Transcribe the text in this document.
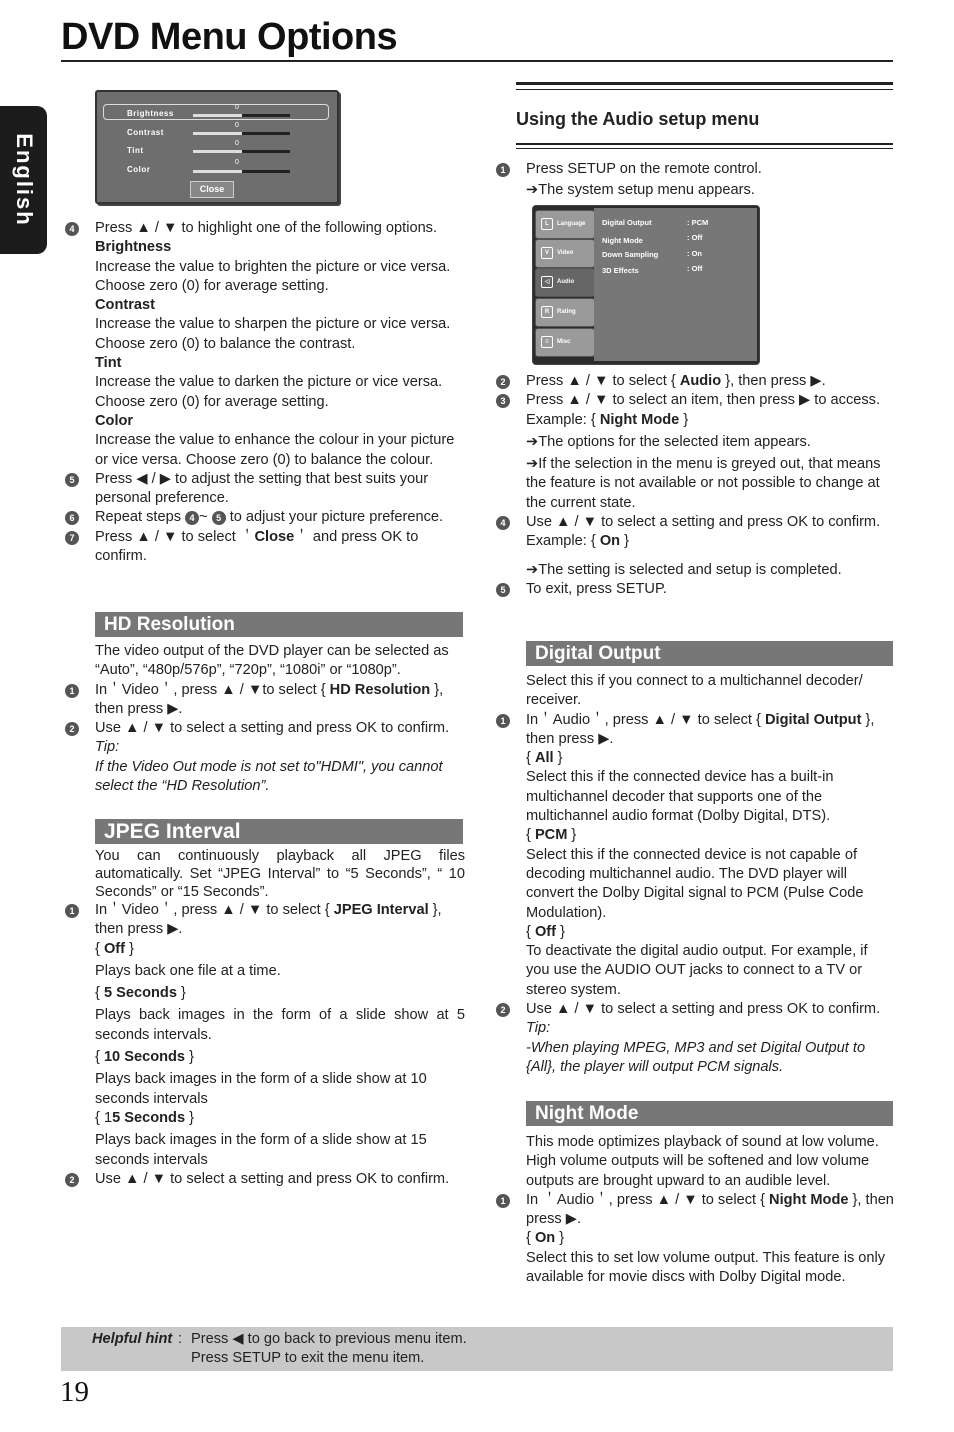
DVD Menu Options
English
Brightness
0
Contrast
0
Tint
0
Color
0
Close
4	Press ▲ / ▼ to highlight one of the following options.
Brightness
Increase the value to brighten the picture or vice versa. Choose zero (0) for average setting.
Contrast
Increase the value to sharpen the picture or vice versa. Choose zero (0) to balance the contrast.
Tint
Increase the value to darken the picture or vice versa. Choose zero (0) for average setting.
Color
Increase the value to enhance the colour in your picture or vice versa. Choose zero (0) to balance the colour.
5	Press ◀ / ▶ to adjust the setting that best suits your personal preference.
6	Repeat steps 4 ~ 5 to adjust your picture preference.
7	Press ▲ / ▼ to select ＇Close＇ and press OK to confirm.
HD Resolution
The video output of the DVD player can be selected as “Auto”, “480p/576p”, “720p”, “1080i” or “1080p”.
1	In＇Video＇, press ▲ / ▼to select { HD Resolution }, then press ▶.
2	Use ▲ / ▼ to select a setting and press OK to confirm.
Tip:
If the Video Out mode is not set to"HDMI", you cannot select the “HD Resolution”.
JPEG Interval
You can continuously playback all JPEG files automatically. Set “JPEG Interval” to “5 Seconds”, “ 10 Seconds” or “15 Seconds”.
1	In＇Video＇, press ▲ / ▼ to select { JPEG Interval }, then press ▶.
{ Off }
Plays back one file at a time.
{ 5 Seconds }
Plays back images in the form of a slide show at 5 seconds intervals.
{ 10 Seconds }
Plays back images in the form of a slide show at 10 seconds intervals
{ 15 Seconds }
Plays back images in the form of a slide show at 15 seconds intervals
2	Use ▲ / ▼ to select a setting and press OK to confirm.
Using the Audio setup menu
1	Press SETUP on the remote control.
➔The system setup menu appears.
L	Language
V	Video
◁	Audio
R	Rating
≡	Misc
Digital Output	: PCM
Night Mode	: Off
Down Sampling	: On
3D Effects	: Off
2	Press ▲ / ▼ to select { Audio }, then press ▶.
3	Press ▲ / ▼ to select an item, then press ▶ to access.
Example: { Night Mode }
➔The options for the selected item appears.
➔If the selection in the menu is greyed out, that means the feature is not available or not possible to change at the current state.
4	Use ▲ / ▼ to select a setting and press OK to confirm.
Example: { On }
➔The setting is selected and setup is completed.
5	To exit, press SETUP.
Digital Output
Select this if you connect to a multichannel decoder/ receiver.
1	In＇Audio＇, press ▲ / ▼ to select { Digital Output }, then press ▶.
{ All }
Select this if the connected device has a built-in multichannel decoder that supports one of the multichannel audio format (Dolby Digital, DTS).
{ PCM }
Select this if the connected device is not capable of decoding multichannel audio. The DVD player will convert the Dolby Digital signal to PCM (Pulse Code Modulation).
{ Off }
To deactivate the digital audio output. For example, if you use the AUDIO OUT jacks to connect to a TV or stereo system.
2	Use ▲ / ▼ to select a setting and press OK to confirm.
Tip:
-When playing MPEG, MP3 and set Digital Output to {All}, the player will output PCM signals.
Night Mode
This mode optimizes playback of sound at low volume. High volume outputs will be softened and low volume outputs are brought upward to an audible level.
1	In ＇Audio＇, press ▲ / ▼ to select { Night Mode }, then press ▶.
{ On }
Select this to set low volume output. This feature is only available for movie discs with Dolby Digital mode.
Helpful hint : Press ◀ to go back to previous menu item.
Press SETUP to exit the menu item.
19
